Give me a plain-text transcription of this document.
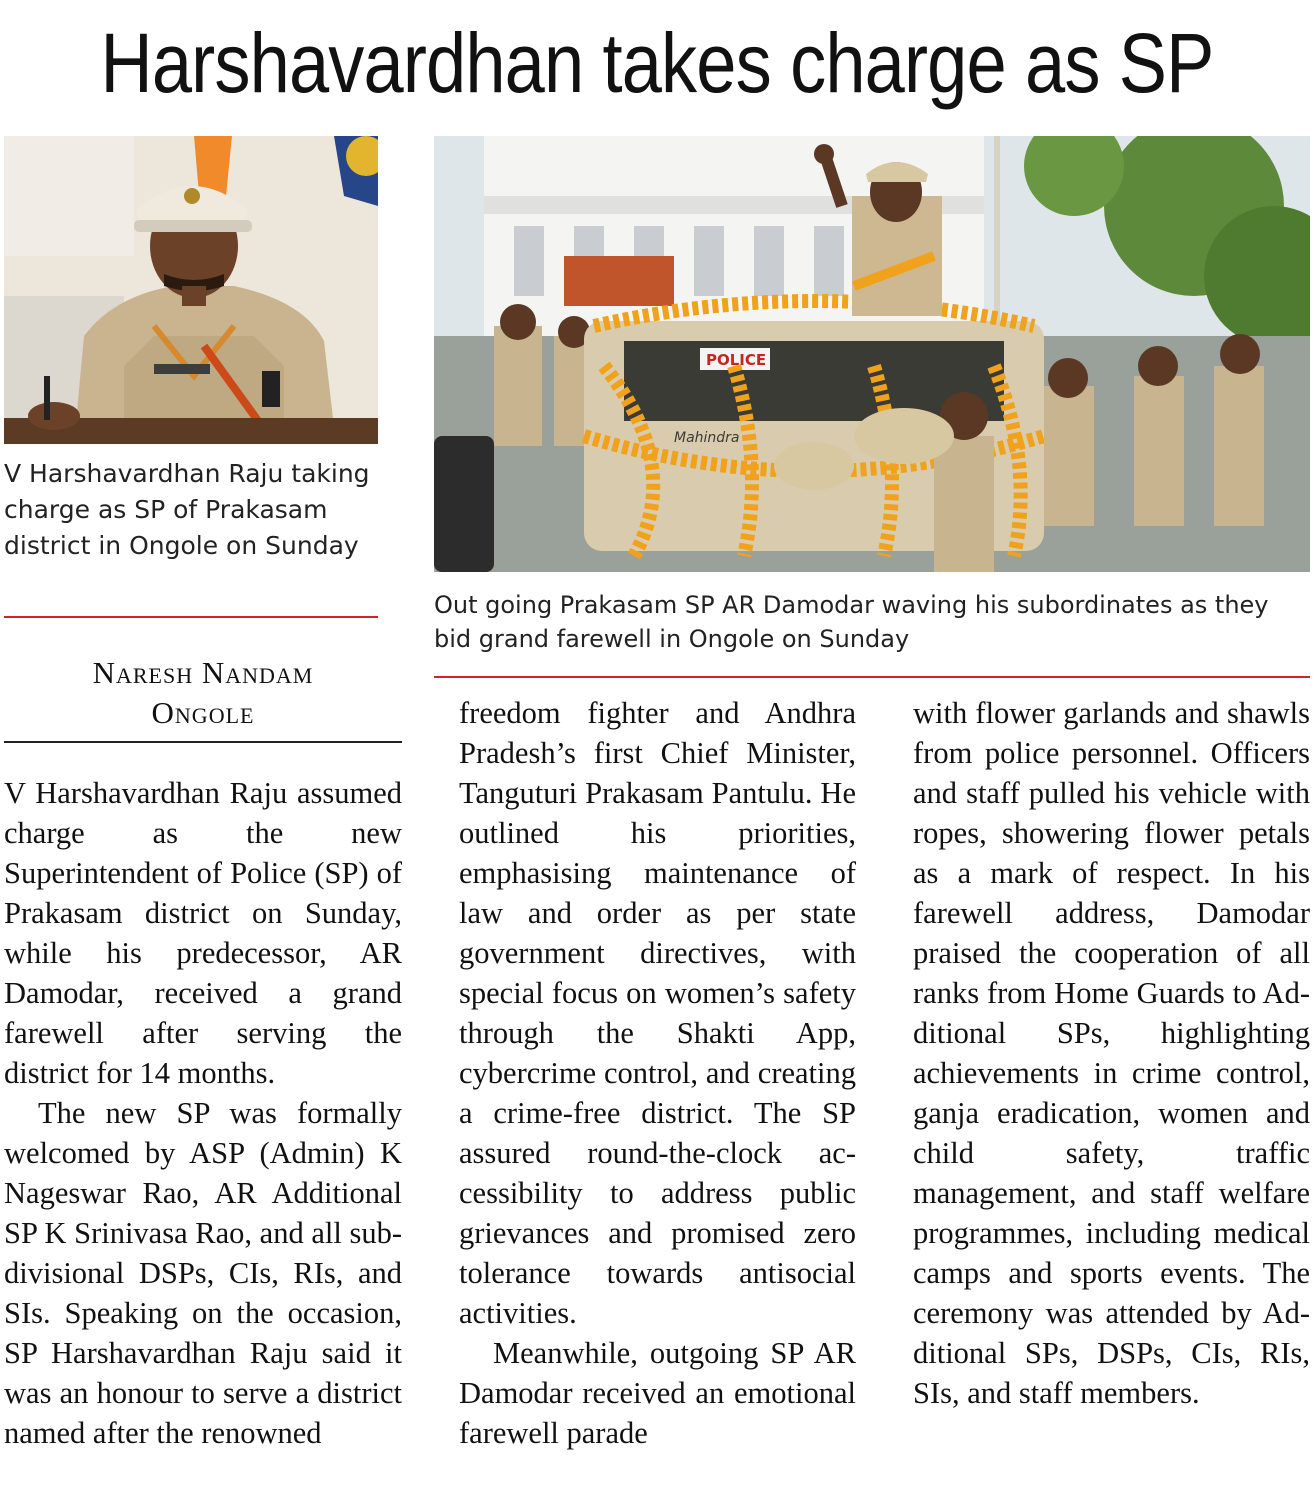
Harshavardhan takes charge as SP
V Harshavardhan Raju taking charge as SP of Prakasam district in Ongole on Sunday
POLICE
Mahindra
Out going Prakasam SP AR Damodar waving his subordinates as they bid grand farewell in Ongole on Sunday
Naresh Nandam
Ongole

V Harshavardhan Raju assumed charge as the new Superintendent of Police (SP) of Prakasam district on Sunday, while his predecessor, AR Damodar, received a grand farewell after serving the district for 14 months.

The new SP was formally welcomed by ASP (Admin) K Nageswar Rao, AR Additional SP K Srinivasa Rao, and all sub-divisional DSPs, CIs, RIs, and SIs. Speaking on the occasion, SP Harshavardhan Raju said it was an honour to serve a district named after the renowned

freedom fighter and Andhra Pradesh’s first Chief Minister, Tanguturi Prakasam Pantulu. He outlined his priorities, emphasising maintenance of law and order as per state government directives, with special focus on women’s safety through the Shakti App, cybercrime control, and creating a crime-free district. The SP assured round-the-clock accessibility to address public grievances and promised zero tolerance towards antisocial activities.

Meanwhile, outgoing SP AR Damodar received an emotional farewell parade

with flower garlands and shawls from police personnel. Officers and staff pulled his vehicle with ropes, showering flower petals as a mark of respect. In his farewell address, Damodar praised the cooperation of all ranks from Home Guards to Additional SPs, highlighting achievements in crime control, ganja eradication, women and child safety, traffic management, and staff welfare programmes, including medical camps and sports events. The ceremony was attended by Additional SPs, DSPs, CIs, RIs, SIs, and staff members.
